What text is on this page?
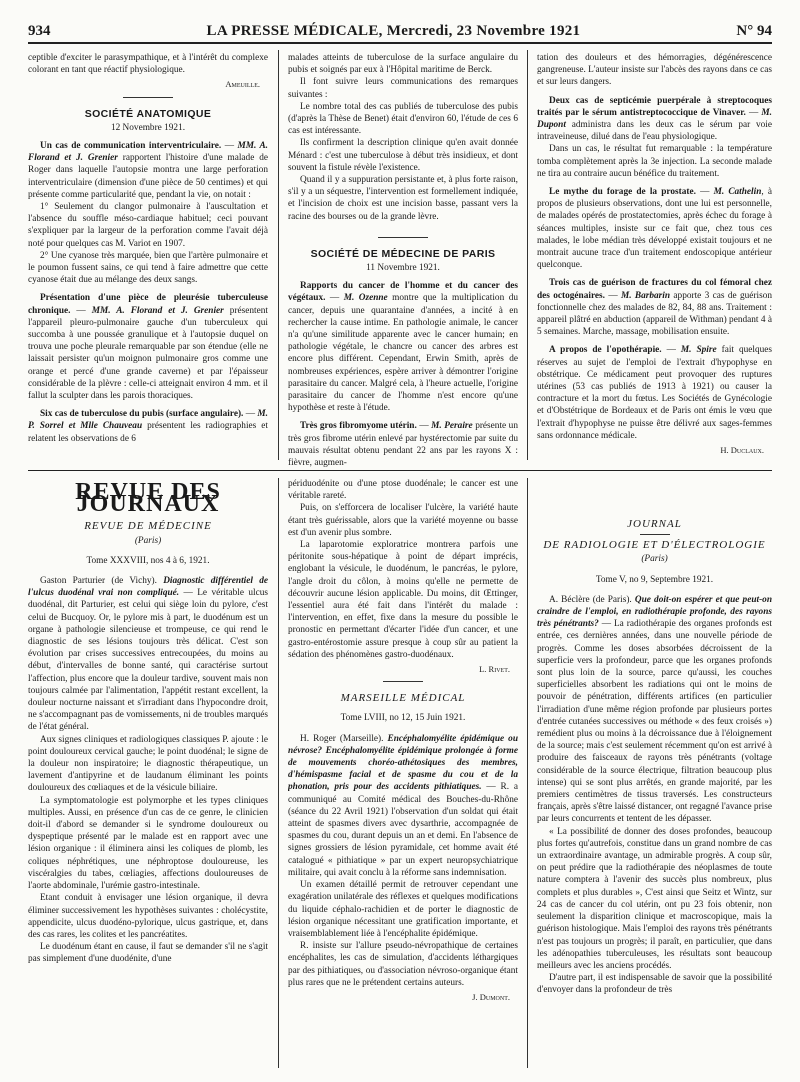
934	LA PRESSE MÉDICALE, Mercredi, 23 Novembre 1921	N° 94

ceptible d'exciter le parasympathique, et à l'intérêt du complexe colorant en tant que réactif physiologique.

Ameuille.
SOCIÉTÉ ANATOMIQUE
12 Novembre 1921.

Un cas de communication interventriculaire. — MM. A. Florand et J. Grenier rapportent l'histoire d'une malade de Roger dans laquelle l'autopsie montra une large perforation interventriculaire (dimension d'une pièce de 50 centimes) et qui présente comme particularité que, pendant la vie, on notait :

1° Seulement du clangor pulmonaire à l'auscultation et l'absence du souffle méso-cardiaque habituel; ceci pouvant s'expliquer par la largeur de la perforation comme l'avait déjà noté pour quelques cas M. Variot en 1907.

2° Une cyanose très marquée, bien que l'artère pulmonaire et le poumon fussent sains, ce qui tend à faire admettre que cette cyanose était due au mélange des deux sangs.

Présentation d'une pièce de pleurésie tuberculeuse chronique. — MM. A. Florand et J. Grenier présentent l'appareil pleuro-pulmonaire gauche d'un tuberculeux qui succomba à une poussée granulique et à l'autopsie duquel on trouva une poche pleurale remarquable par son étendue (elle ne laissait persister qu'un moignon pulmonaire gros comme une orange et percé d'une grande caverne) et par l'épaisseur considérable de la plèvre : celle-ci atteignait environ 4 mm. et il fallut la sculpter dans les parois thoraciques.

Six cas de tuberculose du pubis (surface angulaire). — M. P. Sorrel et Mlle Chauveau présentent les radiographies et relatent les observations de 6

malades atteints de tuberculose de la surface angulaire du pubis et soignés par eux à l'Hôpital maritime de Berck.

Il font suivre leurs communications des remarques suivantes :

Le nombre total des cas publiés de tuberculose des pubis (d'après la Thèse de Benet) était d'environ 60, l'étude de ces 6 cas est intéressante.

Ils confirment la description clinique qu'en avait donnée Ménard : c'est une tuberculose à début très insidieux, et dont souvent la fistule révèle l'existence.

Quand il y a suppuration persistante et, à plus forte raison, s'il y a un séquestre, l'intervention est formellement indiquée, et l'incision de choix est une incision basse, passant vers la racine des bourses ou de la grande lèvre.

SOCIÉTÉ DE MÉDECINE DE PARIS
11 Novembre 1921.

Rapports du cancer de l'homme et du cancer des végétaux. — M. Ozenne montre que la multiplication du cancer, depuis une quarantaine d'années, a incité à en rechercher la cause intime. En pathologie animale, le cancer n'a qu'une similitude apparente avec le cancer humain; en pathologie végétale, le chancre ou cancer des arbres est encore plus différent. Cependant, Erwin Smith, après de nombreuses expériences, espère arriver à démontrer l'origine parasitaire du cancer. Malgré cela, à l'heure actuelle, l'origine parasitaire du cancer de l'homme n'est encore qu'une hypothèse et reste à l'étude.

Très gros fibromyome utérin. — M. Peraire présente un très gros fibrome utérin enlevé par hystérectomie par suite du mauvais résultat obtenu pendant 22 ans par les rayons X : fièvre, augmen-

tation des douleurs et des hémorragies, dégénérescence gangreneuse. L'auteur insiste sur l'abcès des rayons dans ce cas et sur leurs dangers.

Deux cas de septicémie puerpérale à streptocoques traités par le sérum antistreptococcique de Vinaver. — M. Dupont administra dans les deux cas le sérum par voie intraveineuse, dilué dans de l'eau physiologique.

Dans un cas, le résultat fut remarquable : la température tomba complètement après la 3e injection. La seconde malade ne tira au contraire aucun bénéfice du traitement.

Le mythe du forage de la prostate. — M. Cathelin, à propos de plusieurs observations, dont une lui est personnelle, de malades opérés de prostatectomies, après échec du forage à séances multiples, insiste sur ce fait que, chez tous ces malades, le lobe médian très développé existait toujours et ne montrait aucune trace d'un traitement endoscopique antérieur quelconque.

Trois cas de guérison de fractures du col fémoral chez des octogénaires. — M. Barbarin apporte 3 cas de guérison fonctionnelle chez des malades de 82, 84, 88 ans. Traitement : appareil plâtré en abduction (appareil de Withman) pendant 4 à 5 semaines. Marche, massage, mobilisation ensuite.

A propos de l'opothérapie. — M. Spire fait quelques réserves au sujet de l'emploi de l'extrait d'hypophyse en obstétrique. Ce médicament peut provoquer des ruptures utérines (53 cas publiés de 1913 à 1921) ou causer la contracture et la mort du fœtus. Les Sociétés de Gynécologie et d'Obstétrique de Bordeaux et de Paris ont émis le vœu que l'extrait d'hypophyse ne puisse être délivré aux sages-femmes sans ordonnance médicale.

H. Duclaux.
REVUE DES JOURNAUX
REVUE DE MÉDECINE
(Paris)
Tome XXXVIII, nos 4 à 6, 1921.

Gaston Parturier (de Vichy). Diagnostic différentiel de l'ulcus duodénal vrai non compliqué. — Le véritable ulcus duodénal, dit Parturier, est celui qui siège loin du pylore, c'est celui de Bucquoy. Or, le pylore mis à part, le duodénum est un organe à pathologie silencieuse et trompeuse, ce qui rend le diagnostic de ses lésions toujours très délicat. C'est son évolution par crises successives entrecoupées, du moins au début, d'intervalles de bonne santé, qui caractérise surtout l'affection, plus encore que la douleur tardive, souvent mais non toujours calmée par l'alimentation, l'appétit restant excellent, la douleur nocturne naissant et s'irradiant dans l'hypocondre droit, ne s'accompagnant pas de vomissements, ni de troubles marqués de l'état général.

Aux signes cliniques et radiologiques classiques P. ajoute : le point douloureux cervical gauche; le point duodénal; le signe de la douleur non inspiratoire; le diagnostic thérapeutique, un lavement d'antipyrine et de laudanum éliminant les points douloureux des cœliaques et de la vésicule biliaire.

La symptomatologie est polymorphe et les types cliniques multiples. Aussi, en présence d'un cas de ce genre, le clinicien doit-il d'abord se demander si le syndrome douloureux ou dyspeptique présenté par le malade est en rapport avec une lésion organique : il éliminera ainsi les coliques de plomb, les coliques néphrétiques, une néphroptose douloureuse, les viscéralgies du tabes, cœliagies, affections douloureuses de l'aorte abdominale, l'urémie gastro-intestinale.

Etant conduit à envisager une lésion organique, il devra éliminer successivement les hypothèses suivantes : cholécystite, appendicite, ulcus duodéno-pylorique, ulcus gastrique, et, dans des cas rares, les colites et les pancréatites.

Le duodénum étant en cause, il faut se demander s'il ne s'agit pas simplement d'une duodénite, d'une

périduodénite ou d'une ptose duodénale; le cancer est une véritable rareté.

Puis, on s'efforcera de localiser l'ulcère, la variété haute étant très guérissable, alors que la variété moyenne ou basse est d'un avenir plus sombre.

La laparotomie exploratrice montrera parfois une péritonite sous-hépatique à point de départ imprécis, englobant la vésicule, le duodénum, le pancréas, le pylore, l'angle droit du côlon, à moins qu'elle ne permette de découvrir aucune lésion applicable. Du moins, dit Œttinger, l'essentiel aura été fait dans l'intérêt du malade : l'intervention, en effet, fixe dans la mesure du possible le pronostic en permettant d'écarter l'idée d'un cancer, et une gastro-entérostomie assure presque à coup sûr au patient la sédation des phénomènes gastro-duodénaux.

L. Rivet.
MARSEILLE MÉDICAL
Tome LVIII, no 12, 15 Juin 1921.

H. Roger (Marseille). Encéphalomyélite épidémique ou névrose? Encéphalomyélite épidémique prolongée à forme de mouvements choréo-athétosiques des membres, d'hémispasme facial et de spasme du cou et de la phonation, pris pour des accidents pithiatiques. — R. a communiqué au Comité médical des Bouches-du-Rhône (séance du 22 Avril 1921) l'observation d'un soldat qui était atteint de spasmes divers avec dysarthrie, accompagnée de spasmes du cou, durant depuis un an et demi. En l'absence de signes grossiers de lésion pyramidale, cet homme avait été catalogué « pithiatique » par un expert neuropsychiatrique militaire, qui avait conclu à la réforme sans indemnisation.

Un examen détaillé permit de retrouver cependant une exagération unilatérale des réflexes et quelques modifications du liquide céphalo-rachidien et de porter le diagnostic de lésion organique nécessitant une gratification importante, et vraisemblablement liée à l'encéphalite épidémique.

R. insiste sur l'allure pseudo-névropathique de certaines encéphalites, les cas de simulation, d'accidents léthargiques par des pithiatiques, ou d'association névroso-organique étant plus rares que ne le prétendent certains auteurs.

J. Dumont.
JOURNAL
DE RADIOLOGIE ET D'ÉLECTROLOGIE
(Paris)
Tome V, no 9, Septembre 1921.

A. Béclère (de Paris). Que doit-on espérer et que peut-on craindre de l'emploi, en radiothérapie profonde, des rayons très pénétrants? — La radiothérapie des organes profonds est entrée, ces dernières années, dans une nouvelle période de progrès. Comme les doses absorbées décroissent de la superficie vers la profondeur, parce que les organes profonds sont plus loin de la source, parce qu'aussi, les couches superficielles absorbent les radiations qui ont le moins de pouvoir de pénétration, différents artifices (en particulier l'irradiation d'une même région profonde par plusieurs portes d'entrée cutanées successives ou méthode « des feux croisés ») remédient plus ou moins à la décroissance due à l'éloignement de la source; mais c'est seulement récemment qu'on est arrivé à produire des faisceaux de rayons très pénétrants (voltage considérable de la source électrique, filtration beaucoup plus intense) qui se sont plus arrêtés, en grande majorité, par les premiers centimètres de tissus traversés. Les constructeurs français, après s'être laissé distancer, ont regagné l'avance prise par leurs concurrents et tentent de les dépasser.

« La possibilité de donner des doses profondes, beaucoup plus fortes qu'autrefois, constitue dans un grand nombre de cas un extraordinaire avantage, un admirable progrès. A coup sûr, on peut prédire que la radiothérapie des néoplasmes de toute nature comptera à l'avenir des succès plus nombreux, plus complets et plus durables », C'est ainsi que Seitz et Wintz, sur 24 cas de cancer du col utérin, ont pu 23 fois obtenir, non seulement la disparition clinique et macroscopique, mais la guérison histologique. Mais l'emploi des rayons très pénétrants n'est pas toujours un progrès; il paraît, en particulier, que dans les adénopathies tuberculeuses, les résultats sont beaucoup meilleurs avec les anciens procédés.

D'autre part, il est indispensable de savoir que la possibilité d'envoyer dans la profondeur de très
